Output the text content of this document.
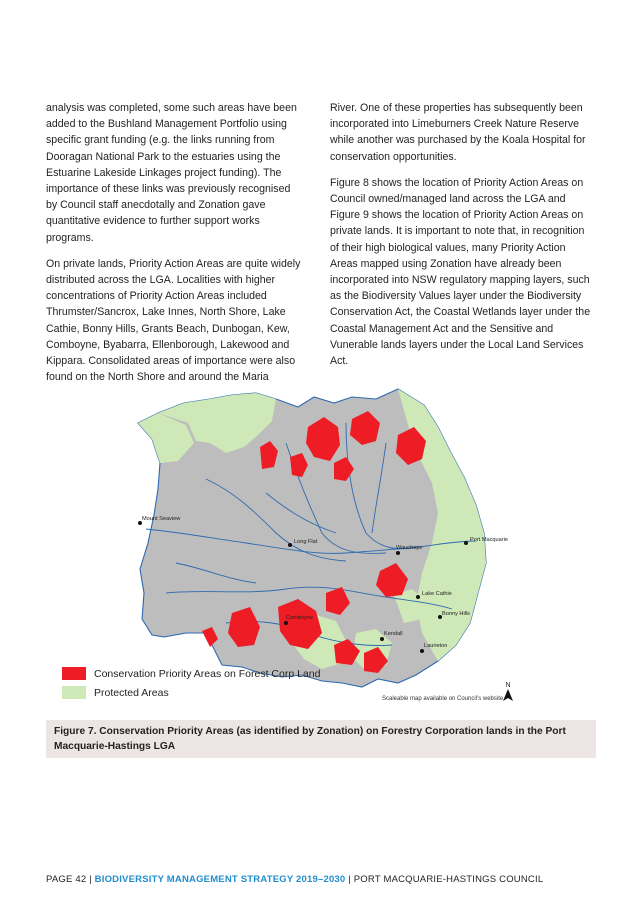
analysis was completed, some such areas have been added to the Bushland Management Portfolio using specific grant funding (e.g. the links running from Dooragan National Park to the estuaries using the Estuarine Lakeside Linkages project funding). The importance of these links was previously recognised by Council staff anecdotally and Zonation gave quantitative evidence to further support works programs.

On private lands, Priority Action Areas are quite widely distributed across the LGA. Localities with higher concentrations of Priority Action Areas included Thrumster/Sancrox, Lake Innes, North Shore, Lake Cathie, Bonny Hills, Grants Beach, Dunbogan, Kew, Comboyne, Byabarra, Ellenborough, Lakewood and Kippara. Consolidated areas of importance were also found on the North Shore and around the Maria

River. One of these properties has subsequently been incorporated into Limeburners Creek Nature Reserve while another was purchased by the Koala Hospital for conservation opportunities.

Figure 8 shows the location of Priority Action Areas on Council owned/managed land across the LGA and Figure 9 shows the location of Priority Action Areas on private lands. It is important to note that, in recognition of their high biological values, many Priority Action Areas mapped using Zonation have already been incorporated into NSW regulatory mapping layers, such as the Biodiversity Values layer under the Biodiversity Conservation Act, the Coastal Wetlands layer under the Coastal Management Act and the Sensitive and Vunerable lands layers under the Local Land Services Act.

Mount Seaview
Long Flat
Wauchope
Port Macquarie
Lake Cathie
Bonny Hills
Comboyne
Kendall
Laurieton
Conservation Priority Areas on Forest Corp Land
Protected Areas
Scaleable map available on Council's website
N
Figure 7. Conservation Priority Areas (as identified by Zonation) on Forestry Corporation lands in the Port Macquarie-Hastings LGA
PAGE 42 | BIODIVERSITY MANAGEMENT STRATEGY 2019–2030 | PORT MACQUARIE-HASTINGS COUNCIL
